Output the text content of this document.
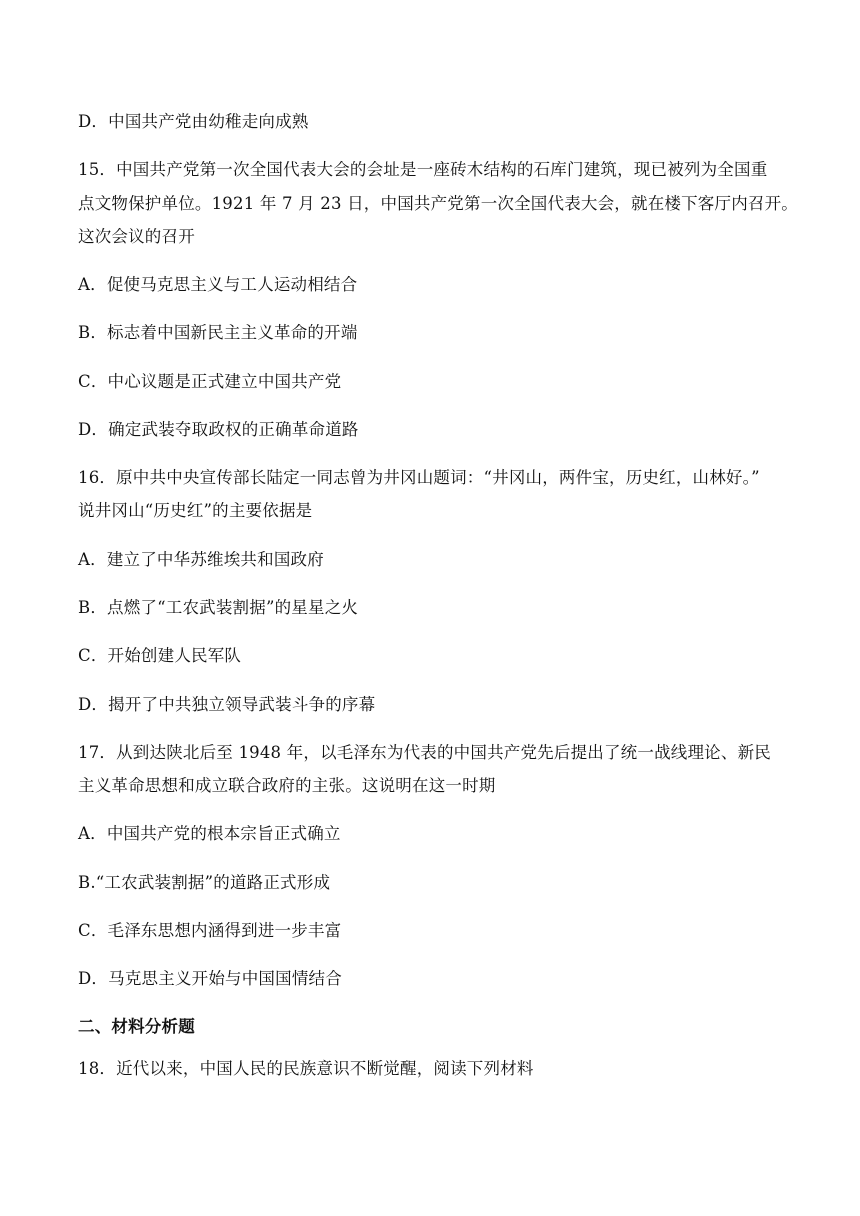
D．中国共产党由幼稚走向成熟
15．中国共产党第一次全国代表大会的会址是一座砖木结构的石库门建筑，现已被列为全国重
点文物保护单位。1921 年 7 月 23 日，中国共产党第一次全国代表大会，就在楼下客厅内召开。
这次会议的召开
A．促使马克思主义与工人运动相结合
B．标志着中国新民主主义革命的开端
C．中心议题是正式建立中国共产党
D．确定武装夺取政权的正确革命道路
16．原中共中央宣传部长陆定一同志曾为井冈山题词：“井冈山，两件宝，历史红，山林好。”
说井冈山“历史红”的主要依据是
A．建立了中华苏维埃共和国政府
B．点燃了“工农武装割据”的星星之火
C．开始创建人民军队
D．揭开了中共独立领导武装斗争的序幕
17．从到达陕北后至 1948 年，以毛泽东为代表的中国共产党先后提出了统一战线理论、新民
主义革命思想和成立联合政府的主张。这说明在这一时期
A．中国共产党的根本宗旨正式确立
B.“工农武装割据”的道路正式形成
C．毛泽东思想内涵得到进一步丰富
D．马克思主义开始与中国国情结合
二、材料分析题
18．近代以来，中国人民的民族意识不断觉醒，阅读下列材料
